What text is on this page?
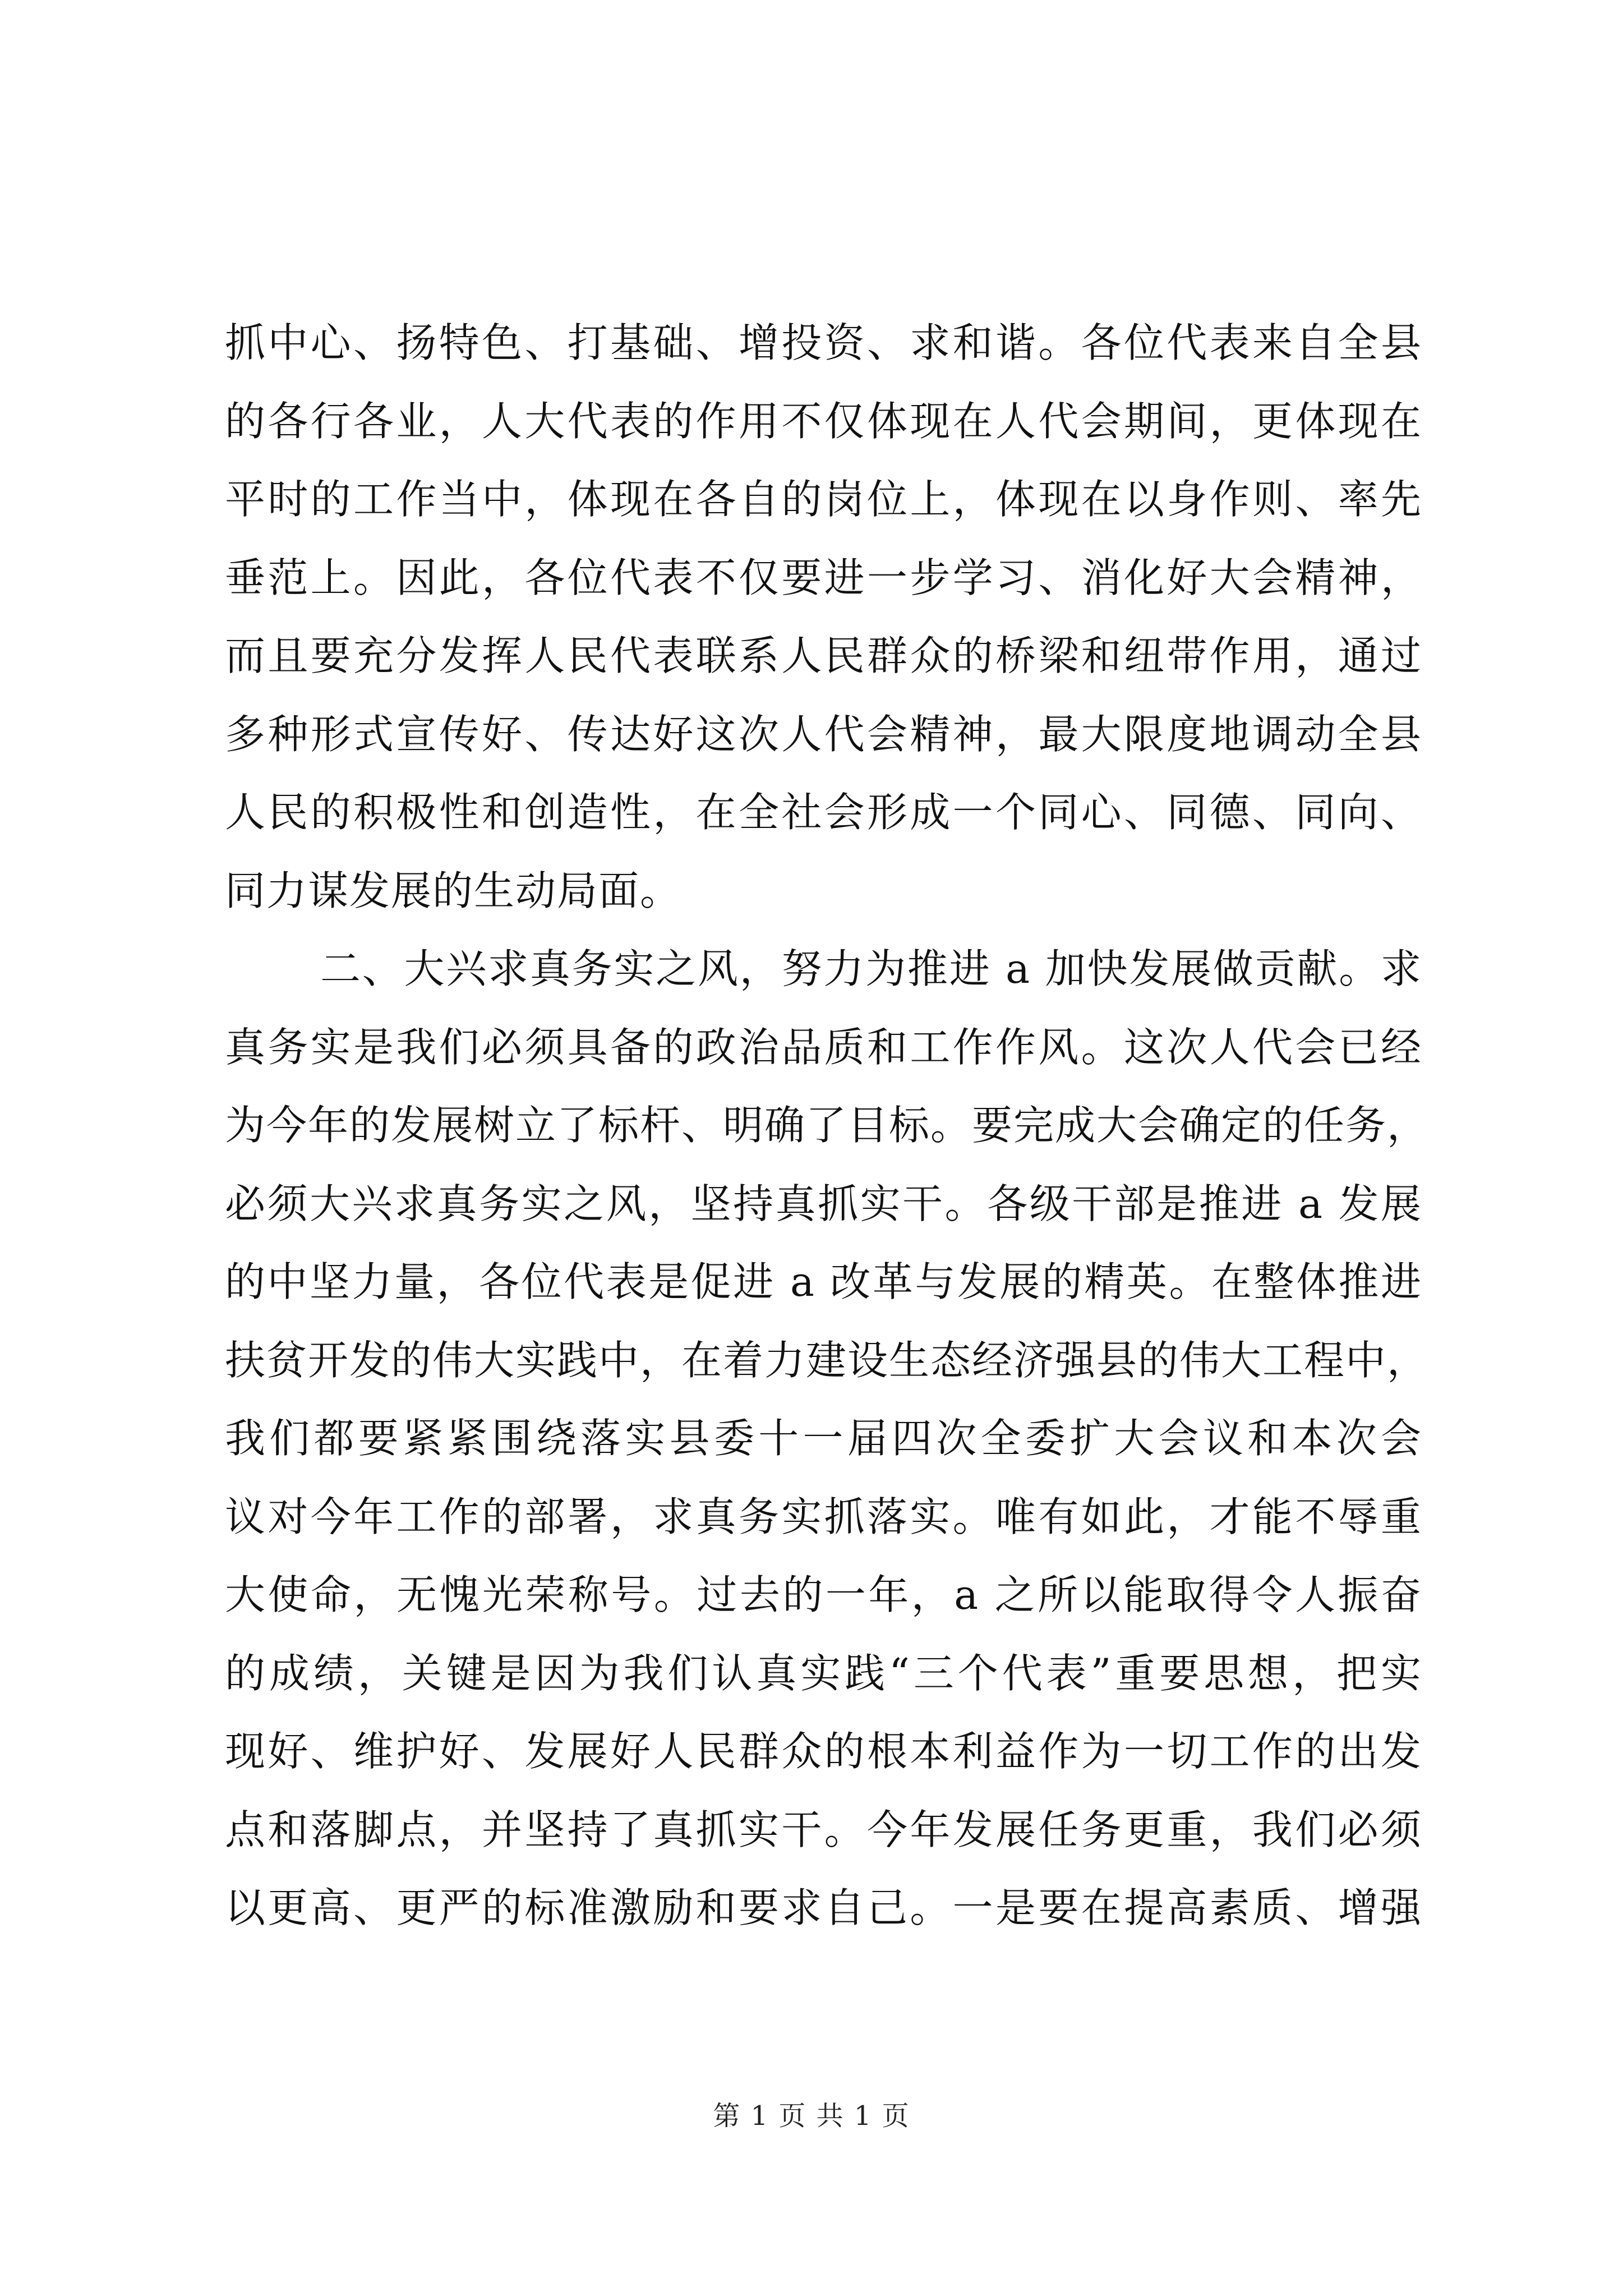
抓中心、扬特色、打基础、增投资、求和谐。各位代表来自全县
的各行各业，人大代表的作用不仅体现在人代会期间，更体现在
平时的工作当中，体现在各自的岗位上，体现在以身作则、率先
垂范上。因此，各位代表不仅要进一步学习、消化好大会精神，
而且要充分发挥人民代表联系人民群众的桥梁和纽带作用，通过
多种形式宣传好、传达好这次人代会精神，最大限度地调动全县
人民的积极性和创造性，在全社会形成一个同心、同德、同向、
同力谋发展的生动局面。
二、大兴求真务实之风，努力为推进 a 加快发展做贡献。求
真务实是我们必须具备的政治品质和工作作风。这次人代会已经
为今年的发展树立了标杆、明确了目标。要完成大会确定的任务，
必须大兴求真务实之风，坚持真抓实干。各级干部是推进 a 发展
的中坚力量，各位代表是促进 a 改革与发展的精英。在整体推进
扶贫开发的伟大实践中，在着力建设生态经济强县的伟大工程中，
我们都要紧紧围绕落实县委十一届四次全委扩大会议和本次会
议对今年工作的部署，求真务实抓落实。唯有如此，才能不辱重
大使命，无愧光荣称号。过去的一年，a 之所以能取得令人振奋
的成绩，关键是因为我们认真实践“三个代表”重要思想，把实
现好、维护好、发展好人民群众的根本利益作为一切工作的出发
点和落脚点，并坚持了真抓实干。今年发展任务更重，我们必须
以更高、更严的标准激励和要求自己。一是要在提高素质、增强
第 1 页 共 1 页
